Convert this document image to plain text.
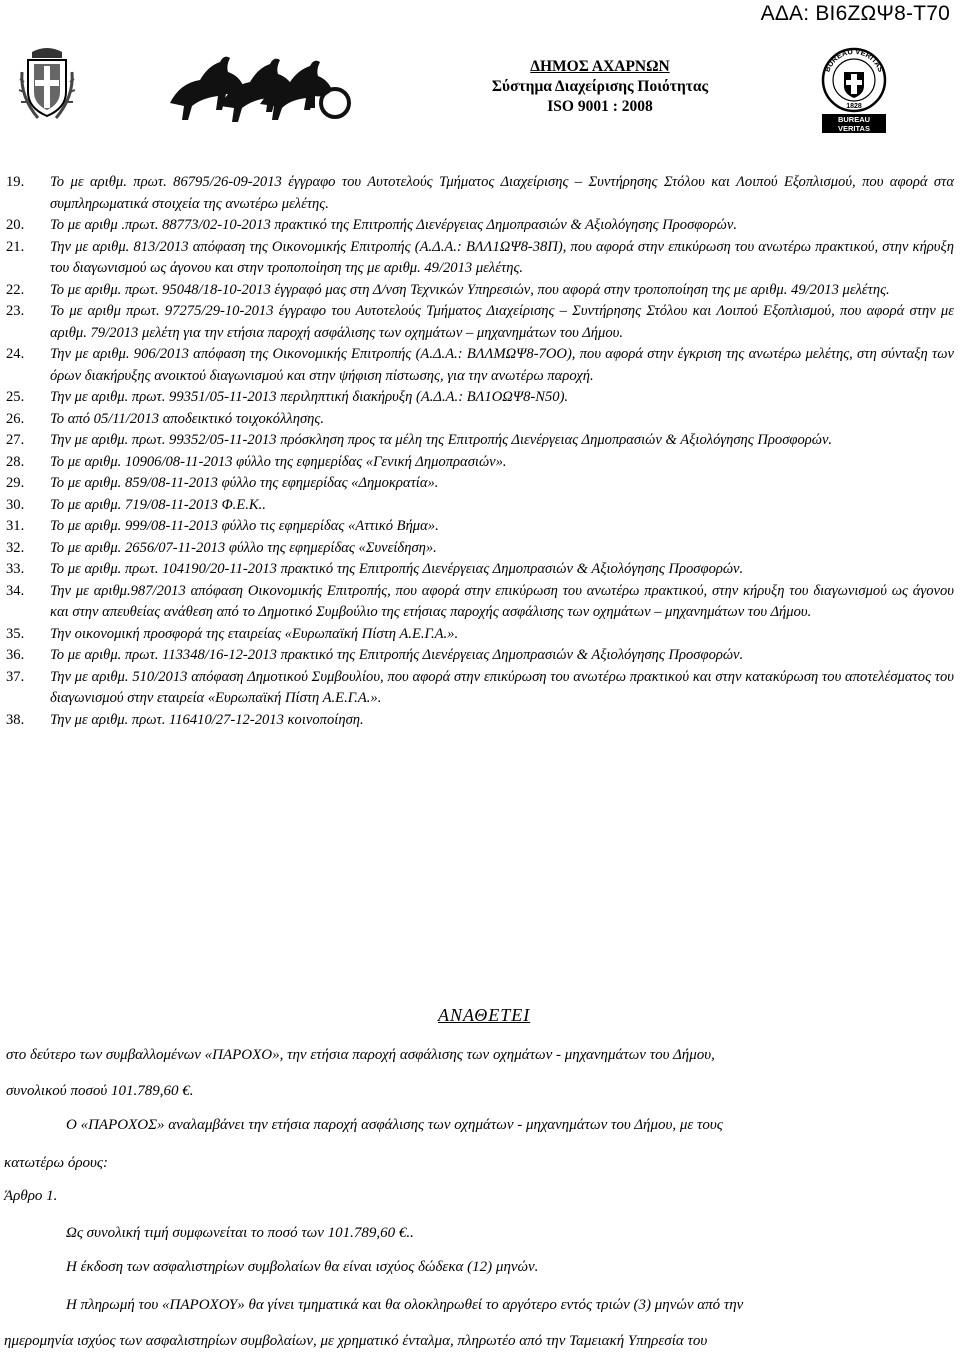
ΑΔΑ: ΒΙ6ΖΩΨ8-Τ70
ΔΗΜΟΣ ΑΧΑΡΝΩΝ
Σύστημα Διαχείρισης Ποιότητας
ISO 9001 : 2008
BUREAU VERITAS
1828
BUREAU
VERITAS
19.	Το με αριθμ. πρωτ. 86795/26-09-2013 έγγραφο του Αυτοτελούς Τμήματος Διαχείρισης – Συντήρησης Στόλου και Λοιπού Εξοπλισμού, που αφορά στα συμπληρωματικά στοιχεία της ανωτέρω μελέτης.
20.	Το με αριθμ .πρωτ. 88773/02-10-2013 πρακτικό της Επιτροπής Διενέργειας Δημοπρασιών & Αξιολόγησης Προσφορών.
21.	Την με αριθμ. 813/2013 απόφαση της Οικονομικής Επιτροπής (Α.Δ.Α.: ΒΛΛ1ΩΨ8-38Π), που αφορά στην επικύρωση του ανωτέρω πρακτικού, στην κήρυξη του διαγωνισμού ως άγονου και στην τροποποίηση της με αριθμ. 49/2013 μελέτης.
22.	Το με αριθμ. πρωτ. 95048/18-10-2013 έγγραφό μας στη Δ/νση Τεχνικών Υπηρεσιών, που αφορά στην τροποποίηση της με αριθμ. 49/2013 μελέτης.
23.	Το με αριθμ πρωτ. 97275/29-10-2013 έγγραφο του Αυτοτελούς Τμήματος Διαχείρισης – Συντήρησης Στόλου και Λοιπού Εξοπλισμού, που αφορά στην με αριθμ. 79/2013 μελέτη για την ετήσια παροχή ασφάλισης των οχημάτων – μηχανημάτων του Δήμου.
24.	Την με αριθμ. 906/2013 απόφαση της Οικονομικής Επιτροπής (Α.Δ.Α.: ΒΛΛΜΩΨ8-7ΟΟ), που αφορά στην έγκριση της ανωτέρω μελέτης, στη σύνταξη των όρων διακήρυξης ανοικτού διαγωνισμού και στην ψήφιση πίστωσης, για την ανωτέρω παροχή.
25.	Την με αριθμ. πρωτ. 99351/05-11-2013 περιληπτική διακήρυξη (Α.Δ.Α.: ΒΛ1ΟΩΨ8-Ν50).
26.	Το από 05/11/2013 αποδεικτικό τοιχοκόλλησης.
27.	Την με αριθμ. πρωτ. 99352/05-11-2013 πρόσκληση προς τα μέλη της Επιτροπής Διενέργειας Δημοπρασιών & Αξιολόγησης Προσφορών.
28.	Το με αριθμ. 10906/08-11-2013 φύλλο της εφημερίδας «Γενική Δημοπρασιών».
29.	Το με αριθμ. 859/08-11-2013 φύλλο της εφημερίδας «Δημοκρατία».
30.	Το με αριθμ. 719/08-11-2013 Φ.Ε.Κ..
31.	Το με αριθμ. 999/08-11-2013 φύλλο τις εφημερίδας «Αττικό Βήμα».
32.	Το με αριθμ. 2656/07-11-2013 φύλλο της εφημερίδας «Συνείδηση».
33.	Το με αριθμ. πρωτ. 104190/20-11-2013 πρακτικό της Επιτροπής Διενέργειας Δημοπρασιών & Αξιολόγησης Προσφορών.
34.	Την με αριθμ.987/2013 απόφαση Οικονομικής Επιτροπής, που αφορά στην επικύρωση του ανωτέρω πρακτικού, στην κήρυξη του διαγωνισμού ως άγονου και στην απευθείας ανάθεση από το Δημοτικό Συμβούλιο της ετήσιας παροχής ασφάλισης των οχημάτων – μηχανημάτων του Δήμου.
35.	Την οικονομική προσφορά της εταιρείας «Ευρωπαϊκή Πίστη Α.Ε.Γ.Α.».
36.	Το με αριθμ. πρωτ. 113348/16-12-2013 πρακτικό της Επιτροπής Διενέργειας Δημοπρασιών & Αξιολόγησης Προσφορών.
37.	Την με αριθμ. 510/2013 απόφαση Δημοτικού Συμβουλίου, που αφορά στην επικύρωση του ανωτέρω πρακτικού και στην κατακύρωση του αποτελέσματος του διαγωνισμού στην εταιρεία «Ευρωπαϊκή Πίστη Α.Ε.Γ.Α.».
38.	Την με αριθμ. πρωτ. 116410/27-12-2013 κοινοποίηση.
ΑΝΑΘΕΤΕΙ
στο δεύτερο των συμβαλλομένων «ΠΑΡΟΧΟ», την ετήσια παροχή ασφάλισης των οχημάτων - μηχανημάτων του Δήμου,
συνολικού ποσού 101.789,60 €.
Ο «ΠΑΡΟΧΟΣ» αναλαμβάνει την ετήσια παροχή ασφάλισης των οχημάτων - μηχανημάτων του Δήμου, με τους
κατωτέρω όρους:
Άρθρο 1.
Ως συνολική τιμή συμφωνείται το ποσό των 101.789,60 €..
Η έκδοση των ασφαλιστηρίων συμβολαίων θα είναι ισχύος δώδεκα (12) μηνών.
Η πληρωμή του «ΠΑΡΟΧΟΥ» θα γίνει τμηματικά και θα ολοκληρωθεί το αργότερο εντός τριών (3) μηνών από την
ημερομηνία ισχύος των ασφαλιστηρίων συμβολαίων, με χρηματικό ένταλμα, πληρωτέο από την Ταμειακή Υπηρεσία του
